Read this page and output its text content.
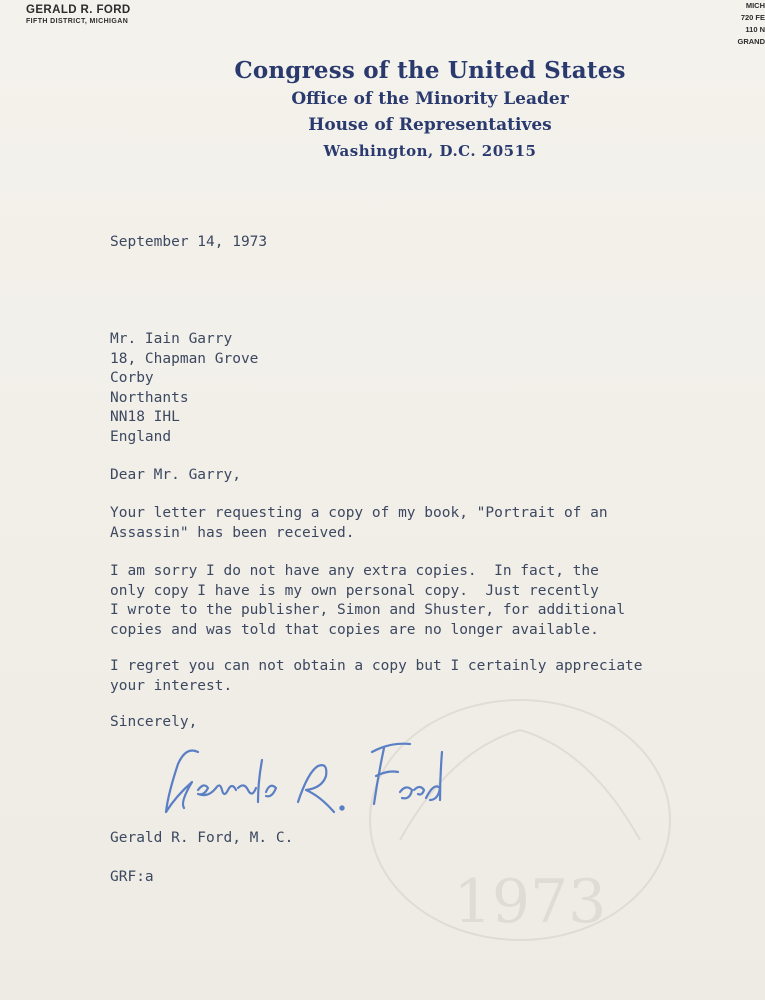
1973
GERALD R. FORD
FIFTH DISTRICT, MICHIGAN
MICH
720 FE
110 N
GRAND
Congress of the United States
Office of the Minority Leader
House of Representatives
Washington, D.C. 20515
September 14, 1973
Mr. Iain Garry
18, Chapman Grove
Corby
Northants
NN18 IHL
England
Dear Mr. Garry,
Your letter requesting a copy of my book, "Portrait of an
Assassin" has been received.
I am sorry I do not have any extra copies.  In fact, the
only copy I have is my own personal copy.  Just recently
I wrote to the publisher, Simon and Shuster, for additional
copies and was told that copies are no longer available.
I regret you can not obtain a copy but I certainly appreciate
your interest.
Sincerely,
Gerald R. Ford, M. C.
GRF:a
